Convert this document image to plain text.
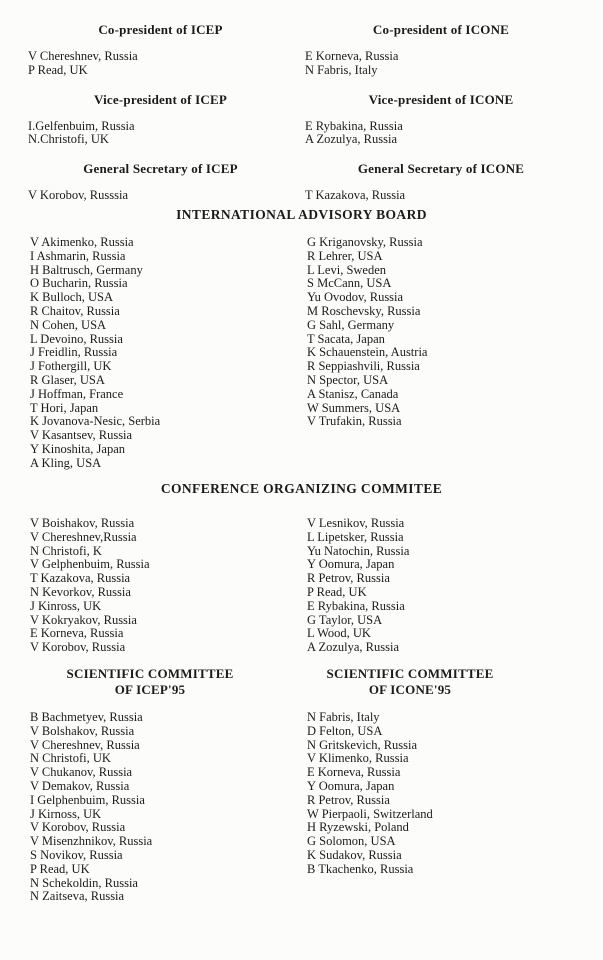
Co-president of ICEP
V Chereshnev, Russia
P Read, UK
Vice-president of ICEP
I.Gelfenbuim, Russia
N.Christofi, UK
General Secretary of ICEP
V Korobov, Russsia
Co-president of ICONE
E Korneva, Russia
N Fabris, Italy
Vice-president of ICONE
E Rybakina, Russia
A Zozulya, Russia
General Secretary of ICONE
T Kazakova, Russia
INTERNATIONAL ADVISORY BOARD
V Akimenko, Russia
I Ashmarin, Russia
H Baltrusch, Germany
O Bucharin, Russia
K Bulloch, USA
R Chaitov, Russia
N Cohen, USA
L Devoino, Russia
J Freidlin, Russia
J Fothergill, UK
R Glaser, USA
J Hoffman, France
T Hori, Japan
K Jovanova-Nesic, Serbia
V Kasantsev, Russia
Y Kinoshita, Japan
A Kling, USA
G Kriganovsky, Russia
R Lehrer, USA
L Levi, Sweden
S McCann, USA
Yu Ovodov, Russia
M Roschevsky, Russia
G Sahl, Germany
T Sacata, Japan
K Schauenstein, Austria
R Seppiashvili, Russia
N Spector, USA
A Stanisz, Canada
W Summers, USA
V Trufakin, Russia
CONFERENCE ORGANIZING COMMITEE
V Boishakov, Russia
V Chereshnev,Russia
N Christofi, K
V Gelphenbuim, Russia
T Kazakova, Russia
N Kevorkov, Russia
J Kinross, UK
V Kokryakov, Russia
E Korneva, Russia
V Korobov, Russia
V Lesnikov, Russia
L Lipetsker, Russia
Yu Natochin, Russia
Y Oomura, Japan
R Petrov, Russia
P Read, UK
E Rybakina, Russia
G Taylor, USA
L Wood, UK
A Zozulya, Russia
SCIENTIFIC COMMITTEE
OF ICEP'95
SCIENTIFIC COMMITTEE
OF ICONE'95
B Bachmetyev, Russia
V Bolshakov, Russia
V Chereshnev, Russia
N Christofi, UK
V Chukanov, Russia
V Demakov, Russia
I Gelphenbuim, Russia
J Kirnoss, UK
V Korobov, Russia
V Misenzhnikov, Russia
S Novikov, Russia
P Read, UK
N Schekoldin, Russia
N Zaitseva, Russia
N Fabris, Italy
D Felton, USA
N Gritskevich, Russia
V Klimenko, Russia
E Korneva, Russia
Y Oomura, Japan
R Petrov, Russia
W Pierpaoli, Switzerland
H Ryzewski, Poland
G Solomon, USA
K Sudakov, Russia
B Tkachenko, Russia
